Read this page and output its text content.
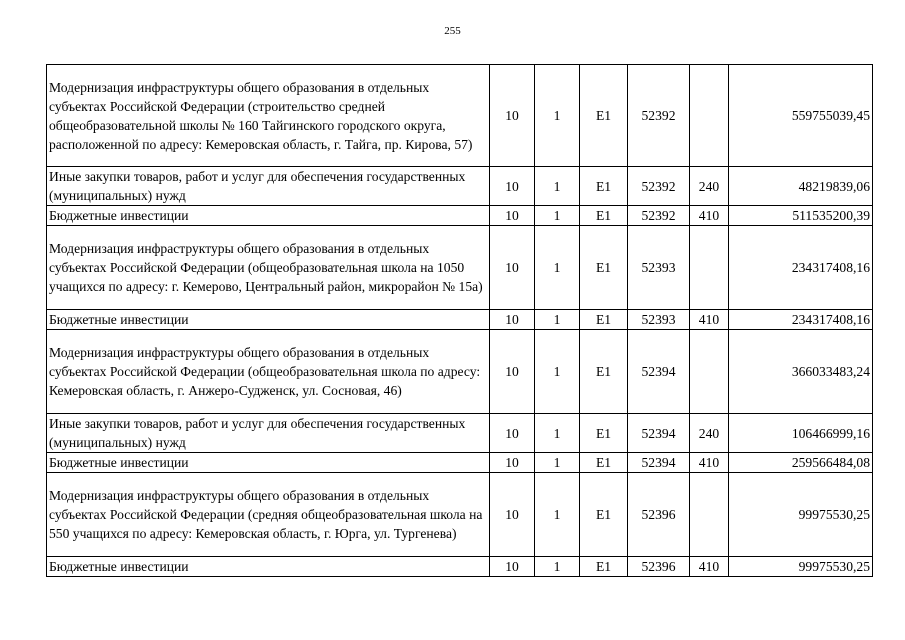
255
Модернизация инфраструктуры общего образования в отдельных субъектах Российской Федерации (строительство средней общеобразовательной школы № 160 Тайгинского городского округа, расположенной по адресу: Кемеровская область, г. Тайга, пр. Кирова, 57)	10	1	Е1	52392		559755039,45
Иные закупки товаров, работ и услуг для обеспечения государственных (муниципальных) нужд	10	1	Е1	52392	240	48219839,06
Бюджетные инвестиции	10	1	Е1	52392	410	511535200,39
Модернизация инфраструктуры общего образования в отдельных субъектах Российской Федерации (общеобразовательная школа на 1050 учащихся по адресу: г. Кемерово, Центральный район, микрорайон № 15а)	10	1	Е1	52393		234317408,16
Бюджетные инвестиции	10	1	Е1	52393	410	234317408,16
Модернизация инфраструктуры общего образования в отдельных субъектах Российской Федерации (общеобразовательная школа по адресу: Кемеровская область, г. Анжеро-Судженск, ул. Сосновая, 46)	10	1	Е1	52394		366033483,24
Иные закупки товаров, работ и услуг для обеспечения государственных (муниципальных) нужд	10	1	Е1	52394	240	106466999,16
Бюджетные инвестиции	10	1	Е1	52394	410	259566484,08
Модернизация инфраструктуры общего образования в отдельных субъектах Российской Федерации (средняя общеобразовательная школа на 550 учащихся по адресу: Кемеровская область, г. Юрга, ул. Тургенева)	10	1	Е1	52396		99975530,25
Бюджетные инвестиции	10	1	Е1	52396	410	99975530,25
